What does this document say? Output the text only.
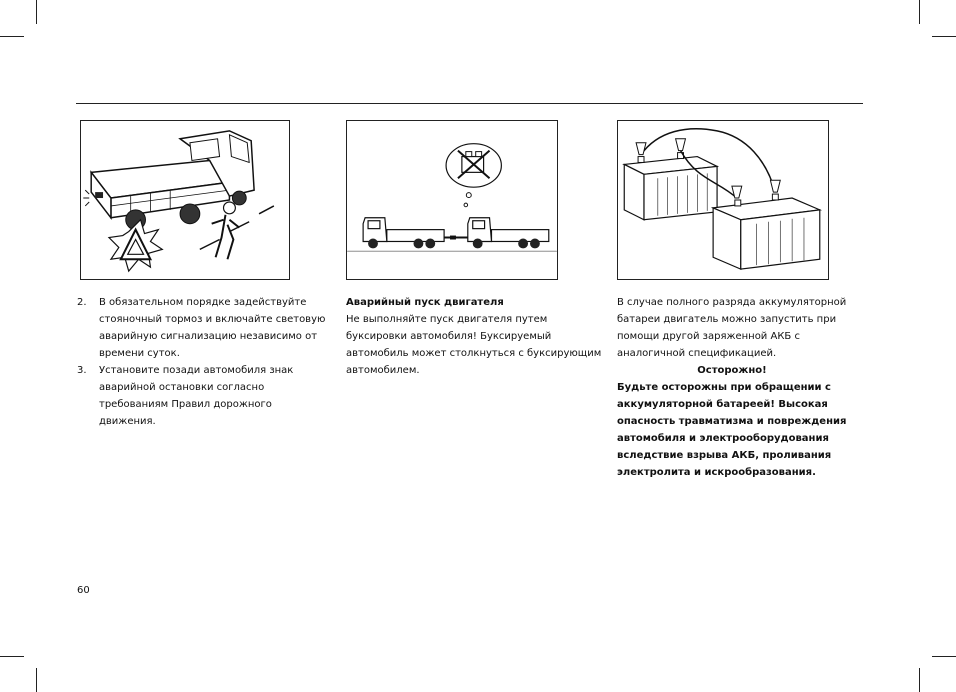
2. В обязательном порядке задействуйте стояночный тормоз и включайте световую аварийную сигнализацию независимо от времени суток.
3. Установите позади автомобиля знак аварийной остановки согласно требованиям Правил дорожного движения.
Аварийный пуск двигателя
Не выполняйте пуск двигателя путем буксировки автомобиля! Буксируемый автомобиль может столкнуться с буксирующим автомобилем.
В случае полного разряда аккумуляторной батареи двигатель можно запустить при помощи другой заряженной АКБ с аналогичной спецификацией.
Осторожно!
Будьте осторожны при обращении с аккумуляторной батареей! Высокая опасность травматизма и повреждения автомобиля и электрооборудования вследствие взрыва АКБ, проливания электролита и искрообразования.
60
